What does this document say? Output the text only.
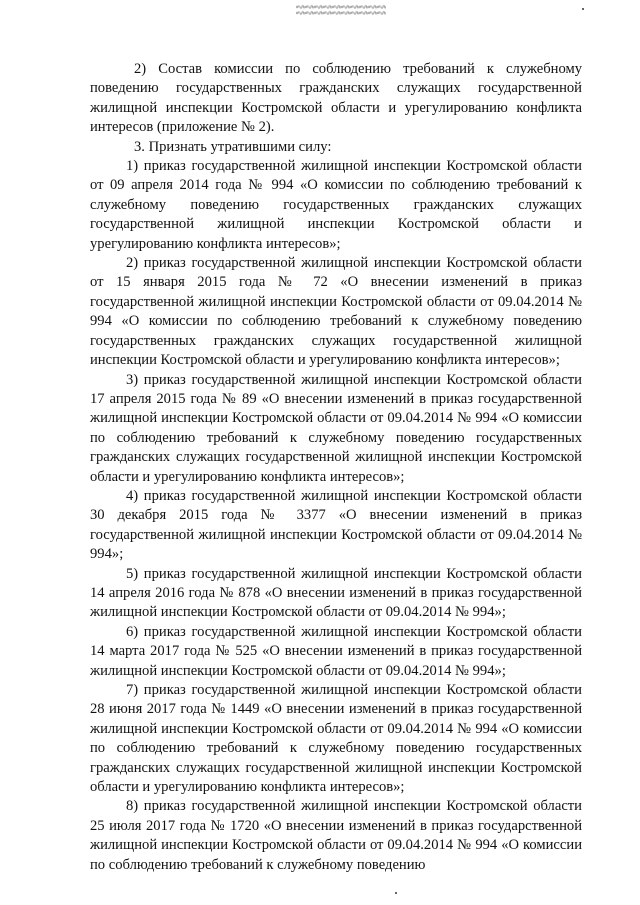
2) Состав комиссии по соблюдению требований к служебному поведению государственных гражданских служащих государственной жилищной инспекции Костромской области и урегулированию конфликта интересов (приложение № 2).

3. Признать утратившими силу:

1) приказ государственной жилищной инспекции Костромской области от 09 апреля 2014 года № 994 «О комиссии по соблюдению требований к служебному поведению государственных гражданских служащих государственной жилищной инспекции Костромской области и урегулированию конфликта интересов»;

2) приказ государственной жилищной инспекции Костромской области от 15 января 2015 года № 72 «О внесении изменений в приказ государственной жилищной инспекции Костромской области от 09.04.2014 № 994 «О комиссии по соблюдению требований к служебному поведению государственных гражданских служащих государственной жилищной инспекции Костромской области и урегулированию конфликта интересов»;

3) приказ государственной жилищной инспекции Костромской области 17 апреля 2015 года № 89 «О внесении изменений в приказ государственной жилищной инспекции Костромской области от 09.04.2014 № 994 «О комиссии по соблюдению требований к служебному поведению государственных гражданских служащих государственной жилищной инспекции Костромской области и урегулированию конфликта интересов»;

4) приказ государственной жилищной инспекции Костромской области 30 декабря 2015 года № 3377 «О внесении изменений в приказ государственной жилищной инспекции Костромской области от 09.04.2014 № 994»;

5) приказ государственной жилищной инспекции Костромской области 14 апреля 2016 года № 878 «О внесении изменений в приказ государственной жилищной инспекции Костромской области от 09.04.2014 № 994»;

6) приказ государственной жилищной инспекции Костромской области 14 марта 2017 года № 525 «О внесении изменений в приказ государственной жилищной инспекции Костромской области от 09.04.2014 № 994»;

7) приказ государственной жилищной инспекции Костромской области 28 июня 2017 года № 1449 «О внесении изменений в приказ государственной жилищной инспекции Костромской области от 09.04.2014 № 994 «О комиссии по соблюдению требований к служебному поведению государственных гражданских служащих государственной жилищной инспекции Костромской области и урегулированию конфликта интересов»;

8) приказ государственной жилищной инспекции Костромской области 25 июля 2017 года № 1720 «О внесении изменений в приказ государственной жилищной инспекции Костромской области от 09.04.2014 № 994 «О комиссии по соблюдению требований к служебному поведению
